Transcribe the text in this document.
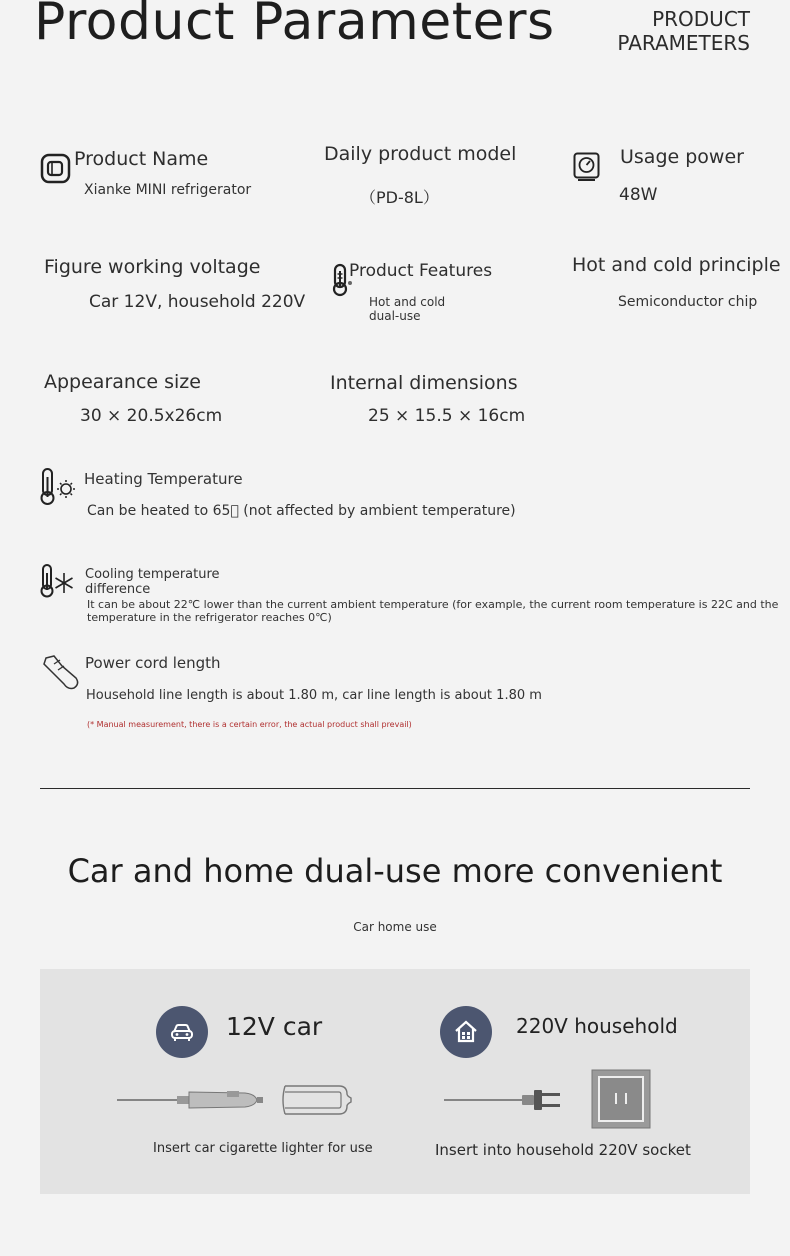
Product Parameters	PRODUCT
PARAMETERS
Product Name
Xianke MINI refrigerator
Daily product model
（PD-8L）
Usage power
48W
Figure working voltage
Car 12V, household 220V
Product Features
Hot and cold
dual-use
Hot and cold principle
Semiconductor chip
Appearance size
30 × 20.5x26cm
Internal dimensions
25 × 15.5 × 16cm
Heating Temperature
Can be heated to 65  (not affected by ambient temperature)
Cooling temperature
difference
It can be about 22℃ lower than the current ambient temperature (for example, the current room temperature is 22C and the
temperature in the refrigerator reaches 0℃)
Power cord length
Household line length is about 1.80 m, car line length is about 1.80 m
(* Manual measurement, there is a certain error, the actual product shall prevail)
Car and home dual-use more convenient
Car home use
12V car
Insert car cigarette lighter for use
220V household
Insert into household 220V socket
